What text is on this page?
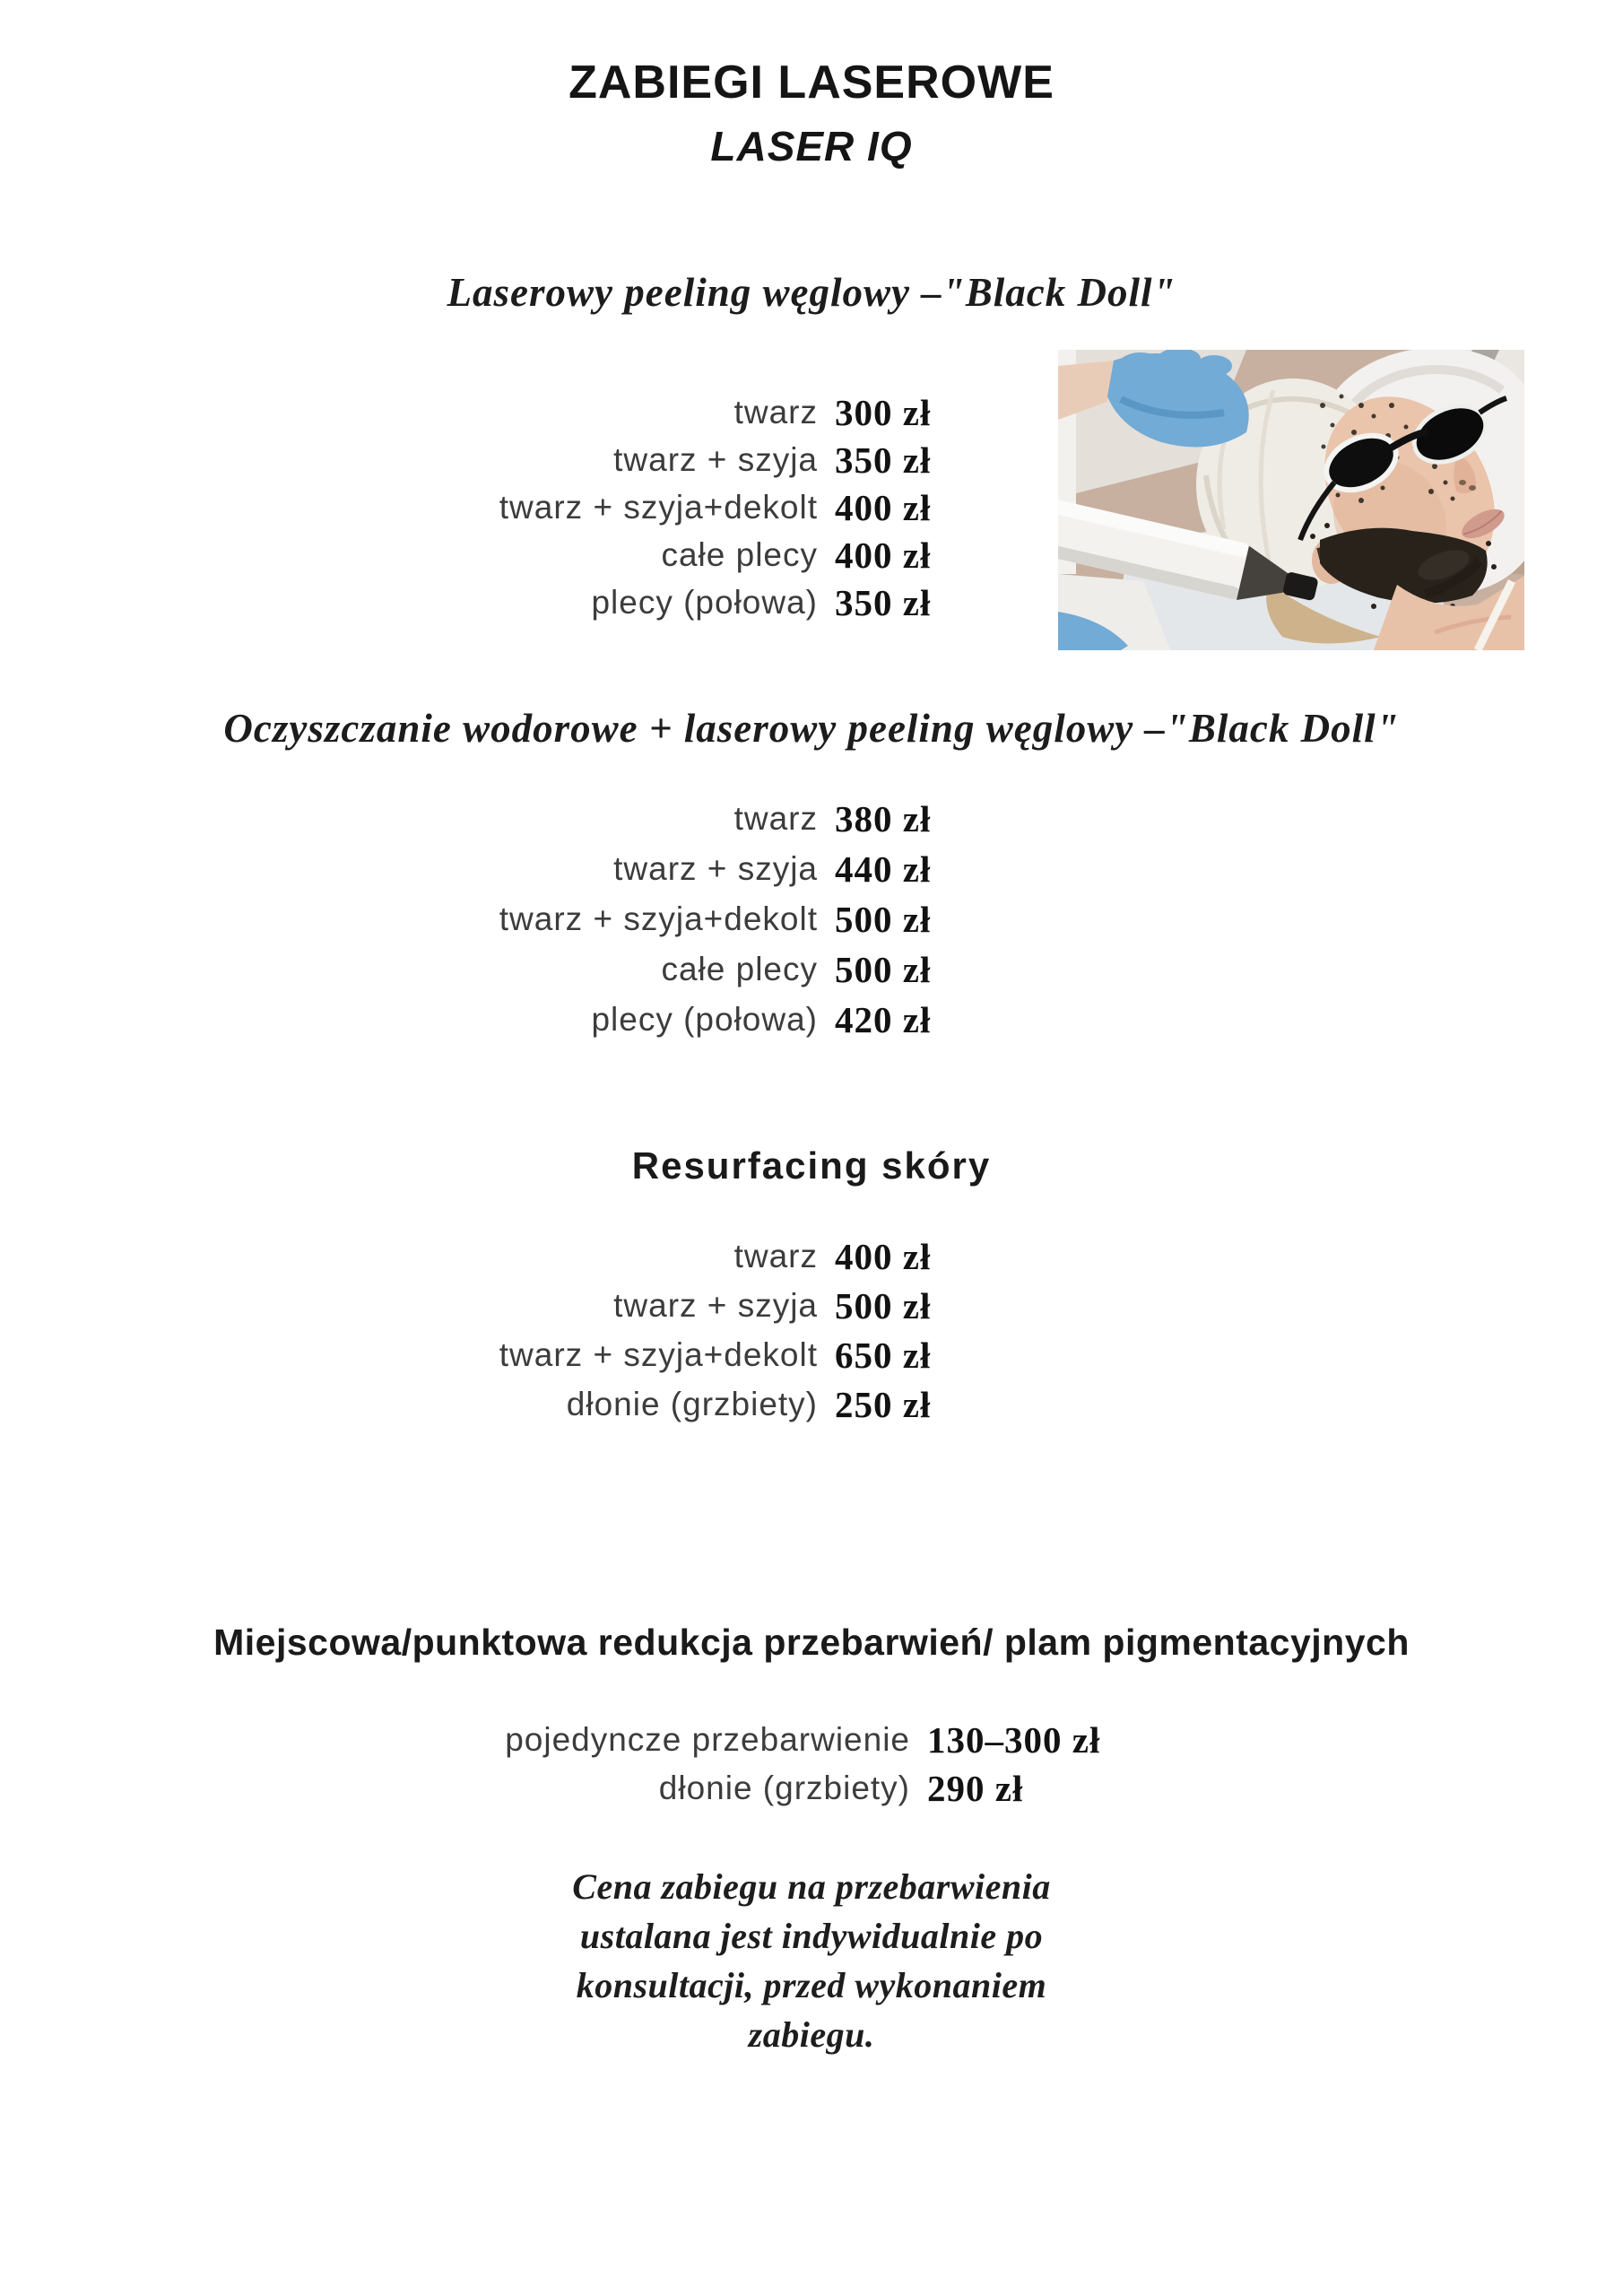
ZABIEGI LASEROWE
LASER IQ
Laserowy peeling węglowy –"Black Doll"
twarz 300 zł
twarz + szyja 350 zł
twarz + szyja+dekolt 400 zł
całe plecy 400 zł
plecy (połowa) 350 zł
Oczyszczanie wodorowe + laserowy peeling węglowy –"Black Doll"
twarz 380 zł
twarz + szyja 440 zł
twarz + szyja+dekolt 500 zł
całe plecy 500 zł
plecy (połowa) 420 zł
Resurfacing skóry
twarz 400 zł
twarz + szyja 500 zł
twarz + szyja+dekolt 650 zł
dłonie (grzbiety) 250 zł
Miejscowa/punktowa redukcja przebarwień/ plam pigmentacyjnych
pojedyncze przebarwienie 130–300 zł
dłonie (grzbiety) 290 zł
Cena zabiegu na przebarwienia
ustalana jest indywidualnie po
konsultacji, przed wykonaniem
zabiegu.
